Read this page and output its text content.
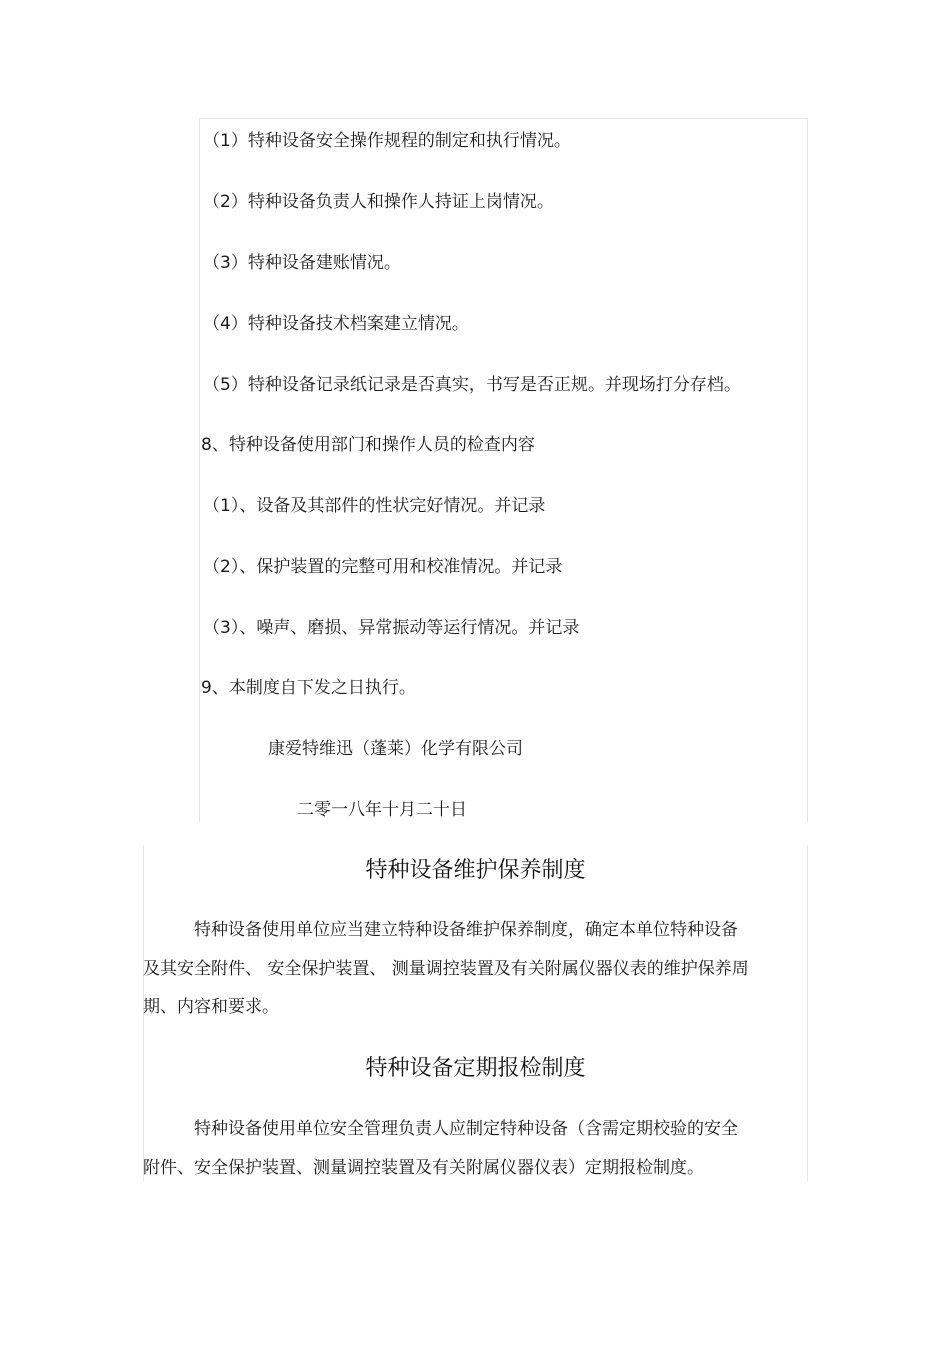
（1）特种设备安全操作规程的制定和执行情况。
（2）特种设备负责人和操作人持证上岗情况。
（3）特种设备建账情况。
（4）特种设备技术档案建立情况。
（5）特种设备记录纸记录是否真实，书写是否正规。并现场打分存档。
8、特种设备使用部门和操作人员的检查内容
（1）、设备及其部件的性状完好情况。并记录
（2）、保护装置的完整可用和校准情况。并记录
（3）、噪声、磨损、异常振动等运行情况。并记录
9、本制度自下发之日执行。
康爱特维迅（蓬莱）化学有限公司
二零一八年十月二十日
特种设备维护保养制度
特种设备使用单位应当建立特种设备维护保养制度，确定本单位特种设备
及其安全附件、 安全保护装置、 测量调控装置及有关附属仪器仪表的维护保养周
期、内容和要求。
特种设备定期报检制度
特种设备使用单位安全管理负责人应制定特种设备（含需定期校验的安全
附件、安全保护装置、测量调控装置及有关附属仪器仪表）定期报检制度。
